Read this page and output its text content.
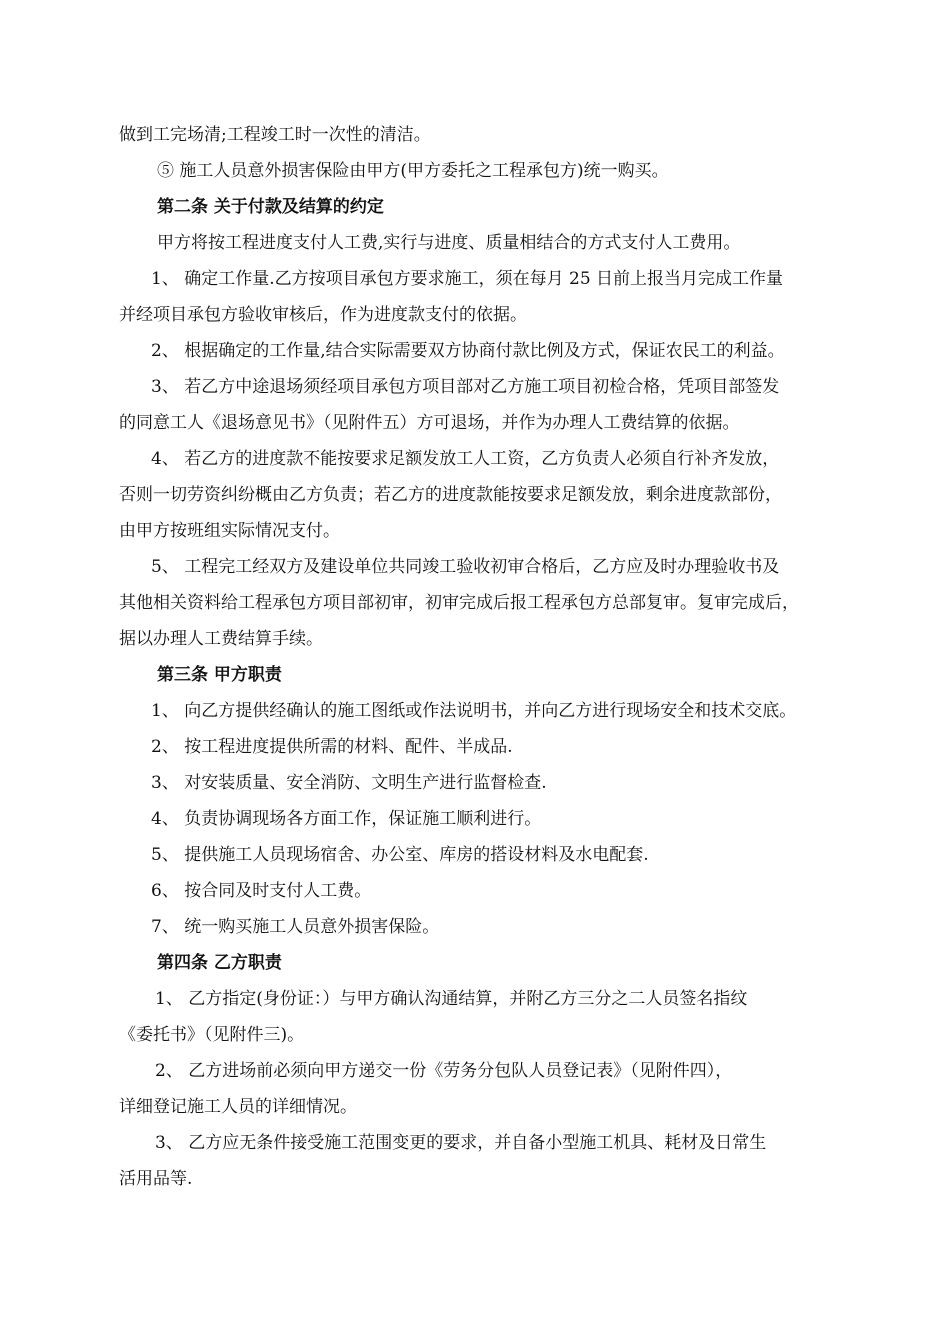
做到工完场清;工程竣工时一次性的清洁。
⑤ 施工人员意外损害保险由甲方(甲方委托之工程承包方)统一购买。
第二条 关于付款及结算的约定
甲方将按工程进度支付人工费,实行与进度、质量相结合的方式支付人工费用。
1、 确定工作量.乙方按项目承包方要求施工，须在每月 25 日前上报当月完成工作量
并经项目承包方验收审核后，作为进度款支付的依据。
2、 根据确定的工作量,结合实际需要双方协商付款比例及方式，保证农民工的利益。
3、 若乙方中途退场须经项目承包方项目部对乙方施工项目初检合格，凭项目部签发
的同意工人《退场意见书》（见附件五）方可退场，并作为办理人工费结算的依据。
4、 若乙方的进度款不能按要求足额发放工人工资，乙方负责人必须自行补齐发放，
否则一切劳资纠纷概由乙方负责；若乙方的进度款能按要求足额发放，剩余进度款部份，
由甲方按班组实际情况支付。
5、 工程完工经双方及建设单位共同竣工验收初审合格后，乙方应及时办理验收书及
其他相关资料给工程承包方项目部初审，初审完成后报工程承包方总部复审。复审完成后，
据以办理人工费结算手续。
第三条 甲方职责
1、 向乙方提供经确认的施工图纸或作法说明书，并向乙方进行现场安全和技术交底。
2、 按工程进度提供所需的材料、配件、半成品.
3、 对安装质量、安全消防、文明生产进行监督检查.
4、 负责协调现场各方面工作，保证施工顺利进行。
5、 提供施工人员现场宿舍、办公室、库房的搭设材料及水电配套.
6、 按合同及时支付人工费。
7、 统一购买施工人员意外损害保险。
第四条 乙方职责
1、 乙方指定(身份证：）与甲方确认沟通结算，并附乙方三分之二人员签名指纹
《委托书》（见附件三)。
2、 乙方进场前必须向甲方递交一份《劳务分包队人员登记表》（见附件四），
详细登记施工人员的详细情况。
3、 乙方应无条件接受施工范围变更的要求，并自备小型施工机具、耗材及日常生
活用品等.
